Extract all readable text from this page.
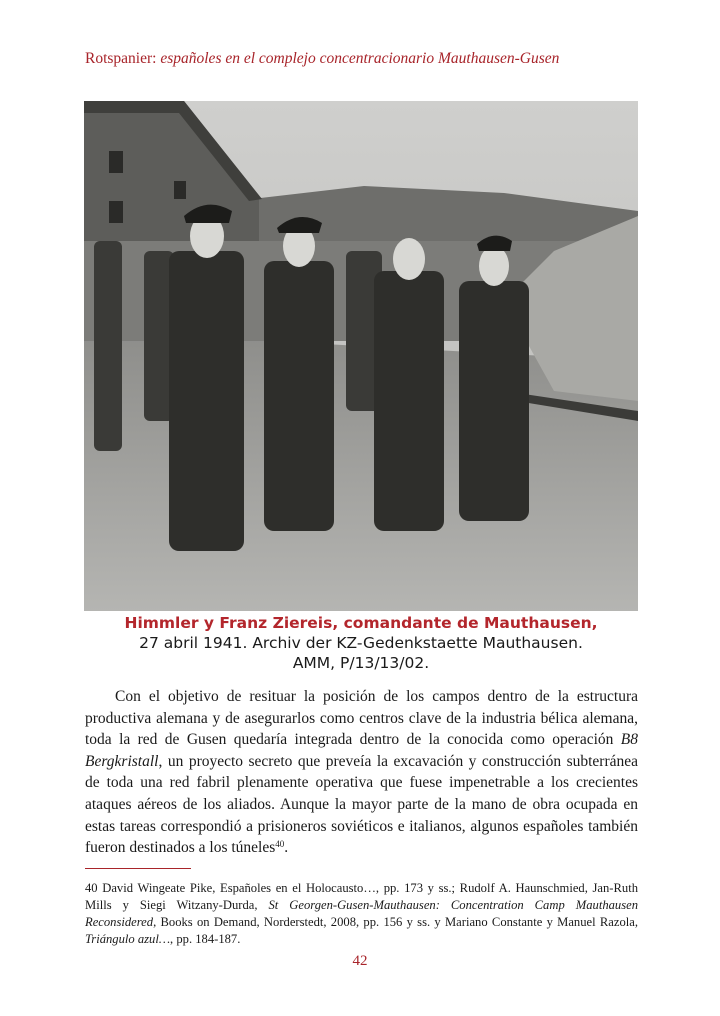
Rotspanier: españoles en el complejo concentracionario Mauthausen-Gusen
Himmler y Franz Ziereis, comandante de Mauthausen,
27 abril 1941. Archiv der KZ-Gedenkstaette Mauthausen.
AMM, P/13/13/02.

Con el objetivo de resituar la posición de los campos dentro de la estructura productiva alemana y de asegurarlos como centros clave de la industria bélica alemana, toda la red de Gusen quedaría integrada dentro de la conocida como operación B8 Bergkristall, un proyecto secreto que preveía la excavación y construcción subterránea de toda una red fabril plenamente operativa que fuese impenetrable a los crecientes ataques aéreos de los aliados. Aunque la mayor parte de la mano de obra ocupada en estas tareas correspondió a prisioneros soviéticos e italianos, algunos españoles también fueron destinados a los túneles$^{40}$.

40 David Wingeate Pike, Españoles en el Holocausto…, pp. 173 y ss.; Rudolf A. Haunschmied, Jan-Ruth Mills y Siegi Witzany-Durda, St Georgen-Gusen-Mauthausen: Concentration Camp Mauthausen Reconsidered, Books on Demand, Norderstedt, 2008, pp. 156 y ss. y Mariano Constante y Manuel Razola, Triángulo azul…, pp. 184-187.
42
